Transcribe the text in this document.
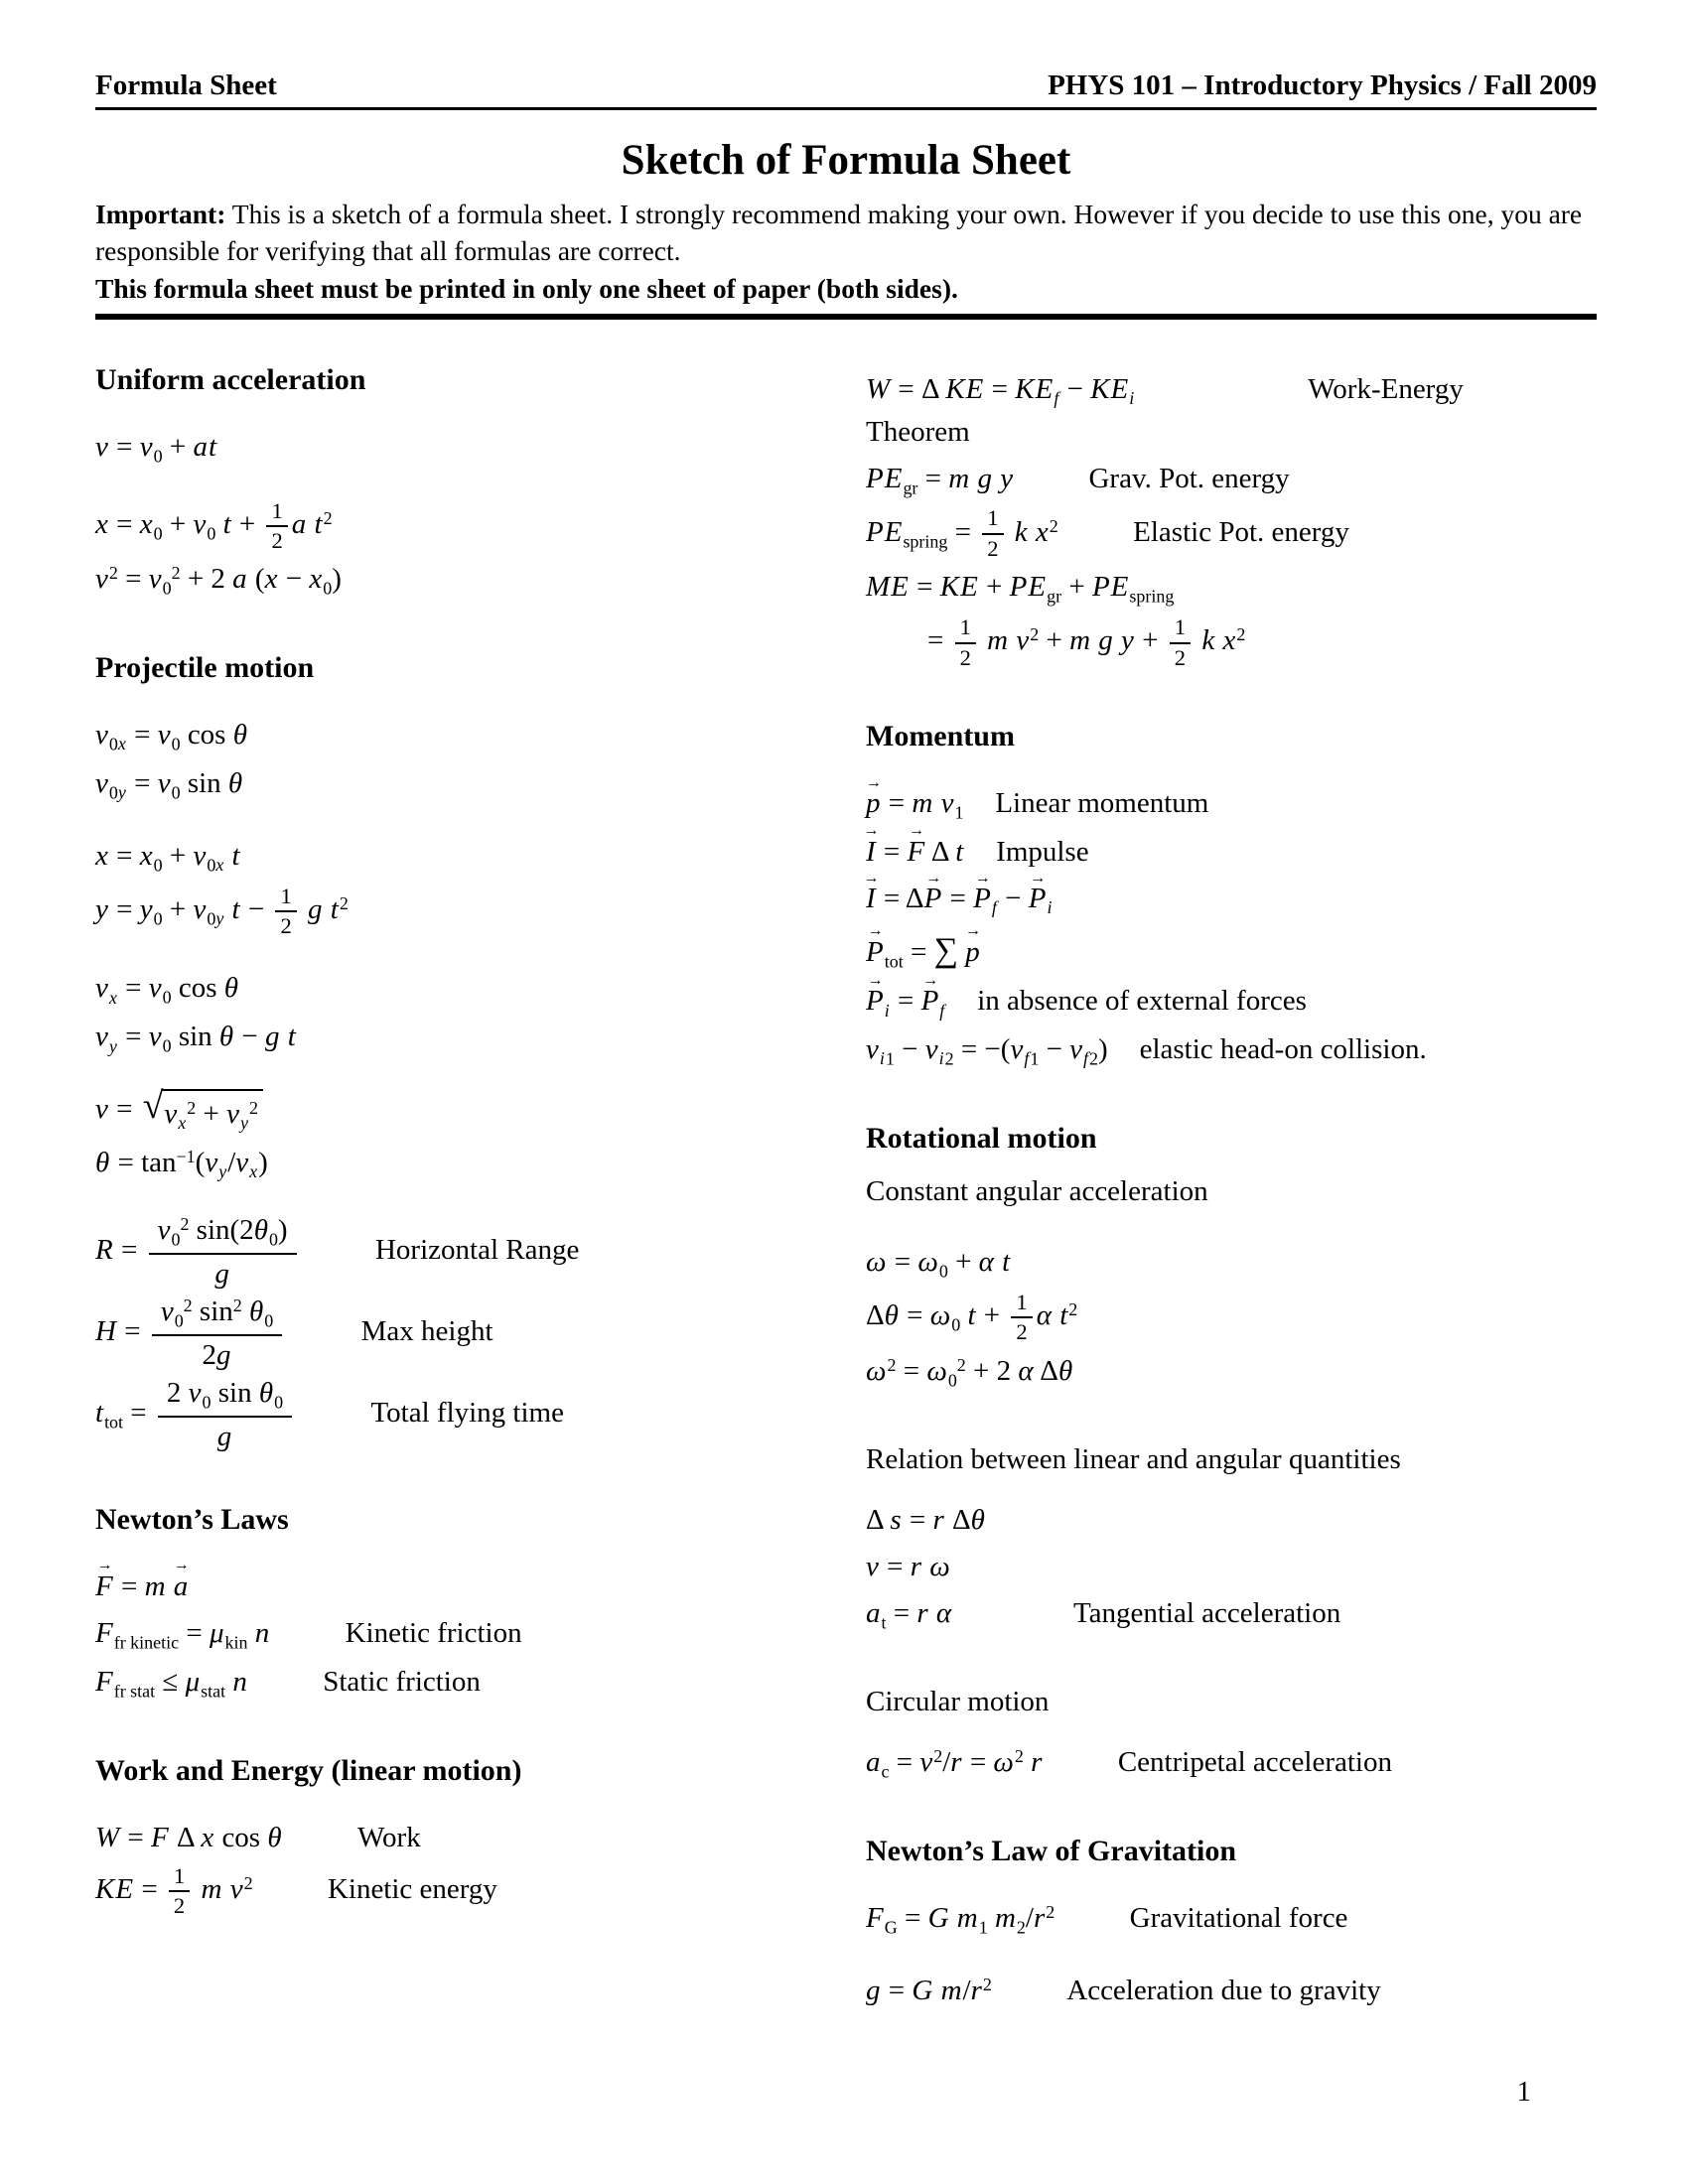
Formula Sheet	PHYS 101 – Introductory Physics / Fall 2009
Sketch of Formula Sheet

Important: This is a sketch of a formula sheet. I strongly recommend making your own. However if you decide to use this one, you are responsible for verifying that all formulas are correct.

This formula sheet must be printed in only one sheet of paper (both sides).

Uniform acceleration
$v = v_0$ + at
$x = x_0 + v_0$ $t + \frac{1}{2}$ a $t^2$
$v^2 = v_0^2 + 2$ a $(x - x_0)$
Projectile motion
$v_{0x} = v_0$ cos θ
$v_{0y} = v_0$ sin θ
$x = x_0 + v_{0x}$ t
$y = y_0 + v_{0y}$ $t - \frac{1}{2}$ g $t^2$
$v_x = v_0$ cos θ
$v_y = v_0$ sin θ − g t
v = √ $v_x^2 + v_y^2$
$\theta = \tan^{-1}(v_y/v_x)$
$R = \frac{v_0^2 \sin(2\theta_0)}{g}$	Horizontal Range
$H = \frac{v_0^2 \sin^2 \theta_0}{2g}$	Max height
$t_{tot} = \frac{2 v_0 \sin \theta_0}{g}$	Total flying time
Newton’s Laws
F → = m a →
$F_{fr kinetic} = \mu_{kin}$ n	Kinetic friction
$F_{fr stat} \le \mu_{stat}$ n	Static friction
Work and Energy (linear motion)
W = F Δ x cos θ	Work
KE = $\frac{1}{2}$ m $v^2$	Kinetic energy
W = Δ KE = $KE_f - KE_i$	Work-Energy Theorem
$PE_{gr} = m$ g y	Grav. Pot. energy
$PE_{spring} = \frac{1}{2}$ k $x^2$	Elastic Pot. energy
ME = KE + $PE_{gr} + PE_{spring}$
= $\frac{1}{2}$ m $v^2 + m$ g $y + \frac{1}{2}$ k $x^2$
Momentum
p → = m $v_1$ Linear momentum
I → = F → Δ t Impulse
I → = ΔP → = $P \to_f - P \to_i$
$P \to_{tot}$ = ∑ p →
$P \to_i = P \to_f$ in absence of external forces
$v_{i1} - v_{i2} = -(v_{f1} - v_{f2})$ elastic head-on collision.
Rotational motion
Constant angular acceleration
$\omega = \omega_0 + \alpha$ t
$\Delta\theta = \omega_0$ $t + \frac{1}{2}$ α $t^2$
$\omega^2 = \omega_0^2 + 2$ α Δθ
Relation between linear and angular quantities
Δ s = r Δθ
v = r ω
$a_t = r$ α	Tangential acceleration
Circular motion
$a_c = v^2/r = \omega^2$ r	Centripetal acceleration
Newton’s Law of Gravitation
$F_G = G$ $m_1$ $m_2/r^2$	Gravitational force
g = G $m/r^2$	Acceleration due to gravity
1
